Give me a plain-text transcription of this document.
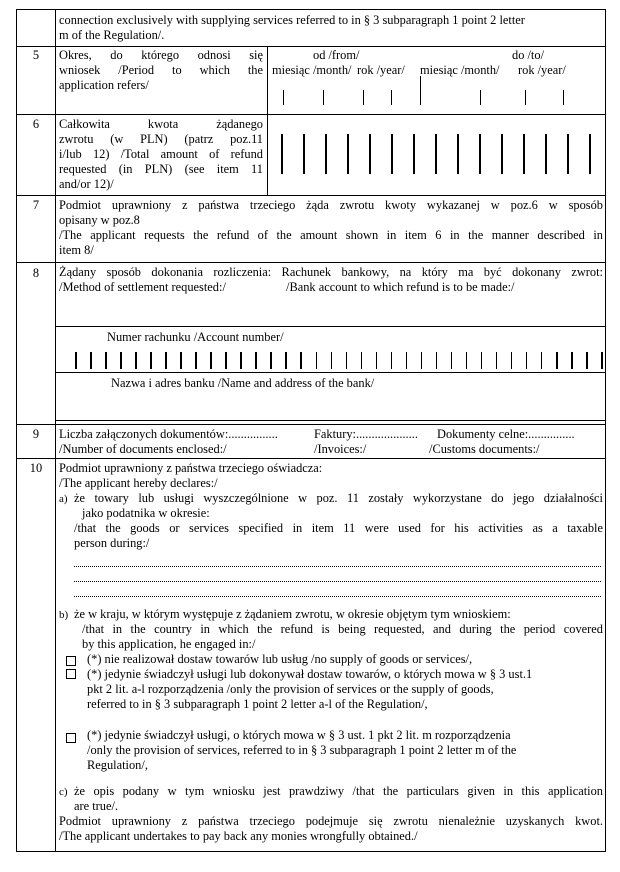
connection exclusively with supplying services referred to in § 3 subparagraph 1 point 2 letter
m of the Regulation/.
5	Okres, do którego odnosi się
wniosek /Period to which the
application refers/
od /from/	do /to/
miesiąc /month/ rok /year/ miesiąc /month/ rok /year/
6	Całkowita kwota żądanego
zwrotu (w PLN) (patrz poz.11
i/lub 12) /Total amount of refund
requested (in PLN) (see item 11
and/or 12)/
7	Podmiot uprawniony z państwa trzeciego żąda zwrotu kwoty wykazanej w poz.6 w sposób
opisany w poz.8
/The applicant requests the refund of the amount shown in item 6 in the manner described in
item 8/
8	Żądany sposób dokonania rozliczenia: Rachunek bankowy, na który ma być dokonany zwrot:
/Method of settlement requested:/	/Bank account to which refund is to be made:/
Numer rachunku /Account number/
Nazwa i adres banku /Name and address of the bank/
9	Liczba załączonych dokumentów:................	Faktury:.................... Dokumenty celne:...............
/Number of documents enclosed:/	/Invoices:/	/Customs documents:/
10	Podmiot uprawniony z państwa trzeciego oświadcza:
/The applicant hereby declares:/
a) że towary lub usługi wyszczególnione w poz. 11 zostały wykorzystane do jego działalności
jako podatnika w okresie:
/that the goods or services specified in item 11 were used for his activities as a taxable
person during:/
b) że w kraju, w którym występuje z żądaniem zwrotu, w okresie objętym tym wnioskiem:
/that in the country in which the refund is being requested, and during the period covered
by this application, he engaged in:/
(*) nie realizował dostaw towarów lub usług /no supply of goods or services/,
(*) jedynie świadczył usługi lub dokonywał dostaw towarów, o których mowa w § 3 ust.1
pkt 2 lit. a-l rozporządzenia /only the provision of services or the supply of goods,
referred to in § 3 subparagraph 1 point 2 letter a-l of the Regulation/,
(*) jedynie świadczył usługi, o których mowa w § 3 ust. 1 pkt 2 lit. m rozporządzenia
/only the provision of services, referred to in § 3 subparagraph 1 point 2 letter m of the
Regulation/,
c) że opis podany w tym wniosku jest prawdziwy /that the particulars given in this application
are true/.
Podmiot uprawniony z państwa trzeciego podejmuje się zwrotu nienależnie uzyskanych kwot.
/The applicant undertakes to pay back any monies wrongfully obtained./
